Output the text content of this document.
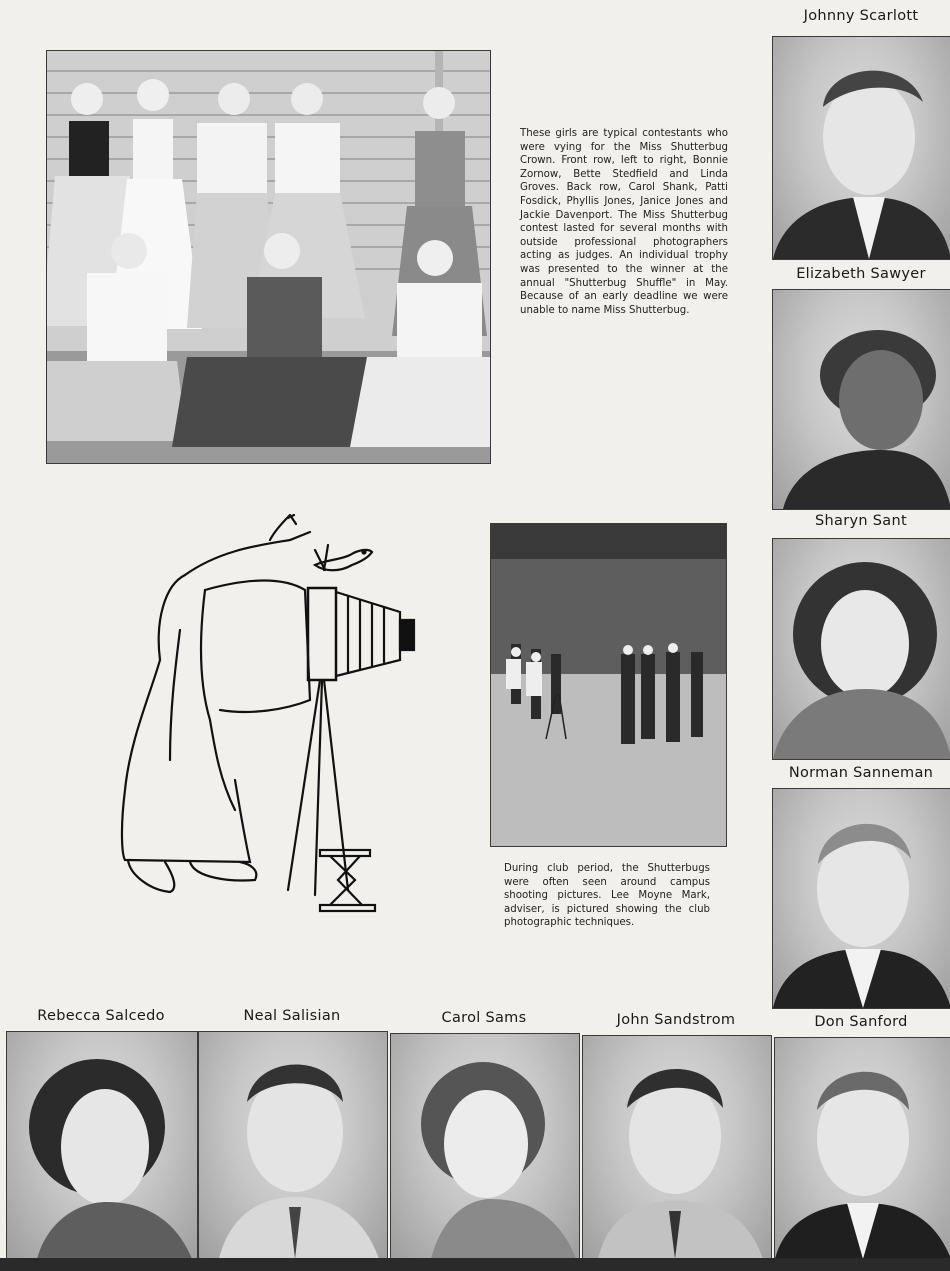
These girls are typical contestants who were vying for the Miss Shutterbug Crown. Front row, left to right, Bonnie Zornow, Bette Stedfield and Linda Groves. Back row, Carol Shank, Patti Fosdick, Phyllis Jones, Janice Jones and Jackie Davenport. The Miss Shutterbug contest lasted for several months with outside professional photographers acting as judges. An individual trophy was presented to the winner at the annual "Shutterbug Shuffle" in May. Because of an early deadline we were unable to name Miss Shutterbug.
During club period, the Shutterbugs were often seen around campus shooting pictures. Lee Moyne Mark, adviser, is pictured showing the club photographic techniques.
Johnny Scarlott
Elizabeth Sawyer
Sharyn Sant
Norman Sanneman
Rebecca Salcedo	Neal Salisian	Carol Sams	John Sandstrom	Don Sanford
